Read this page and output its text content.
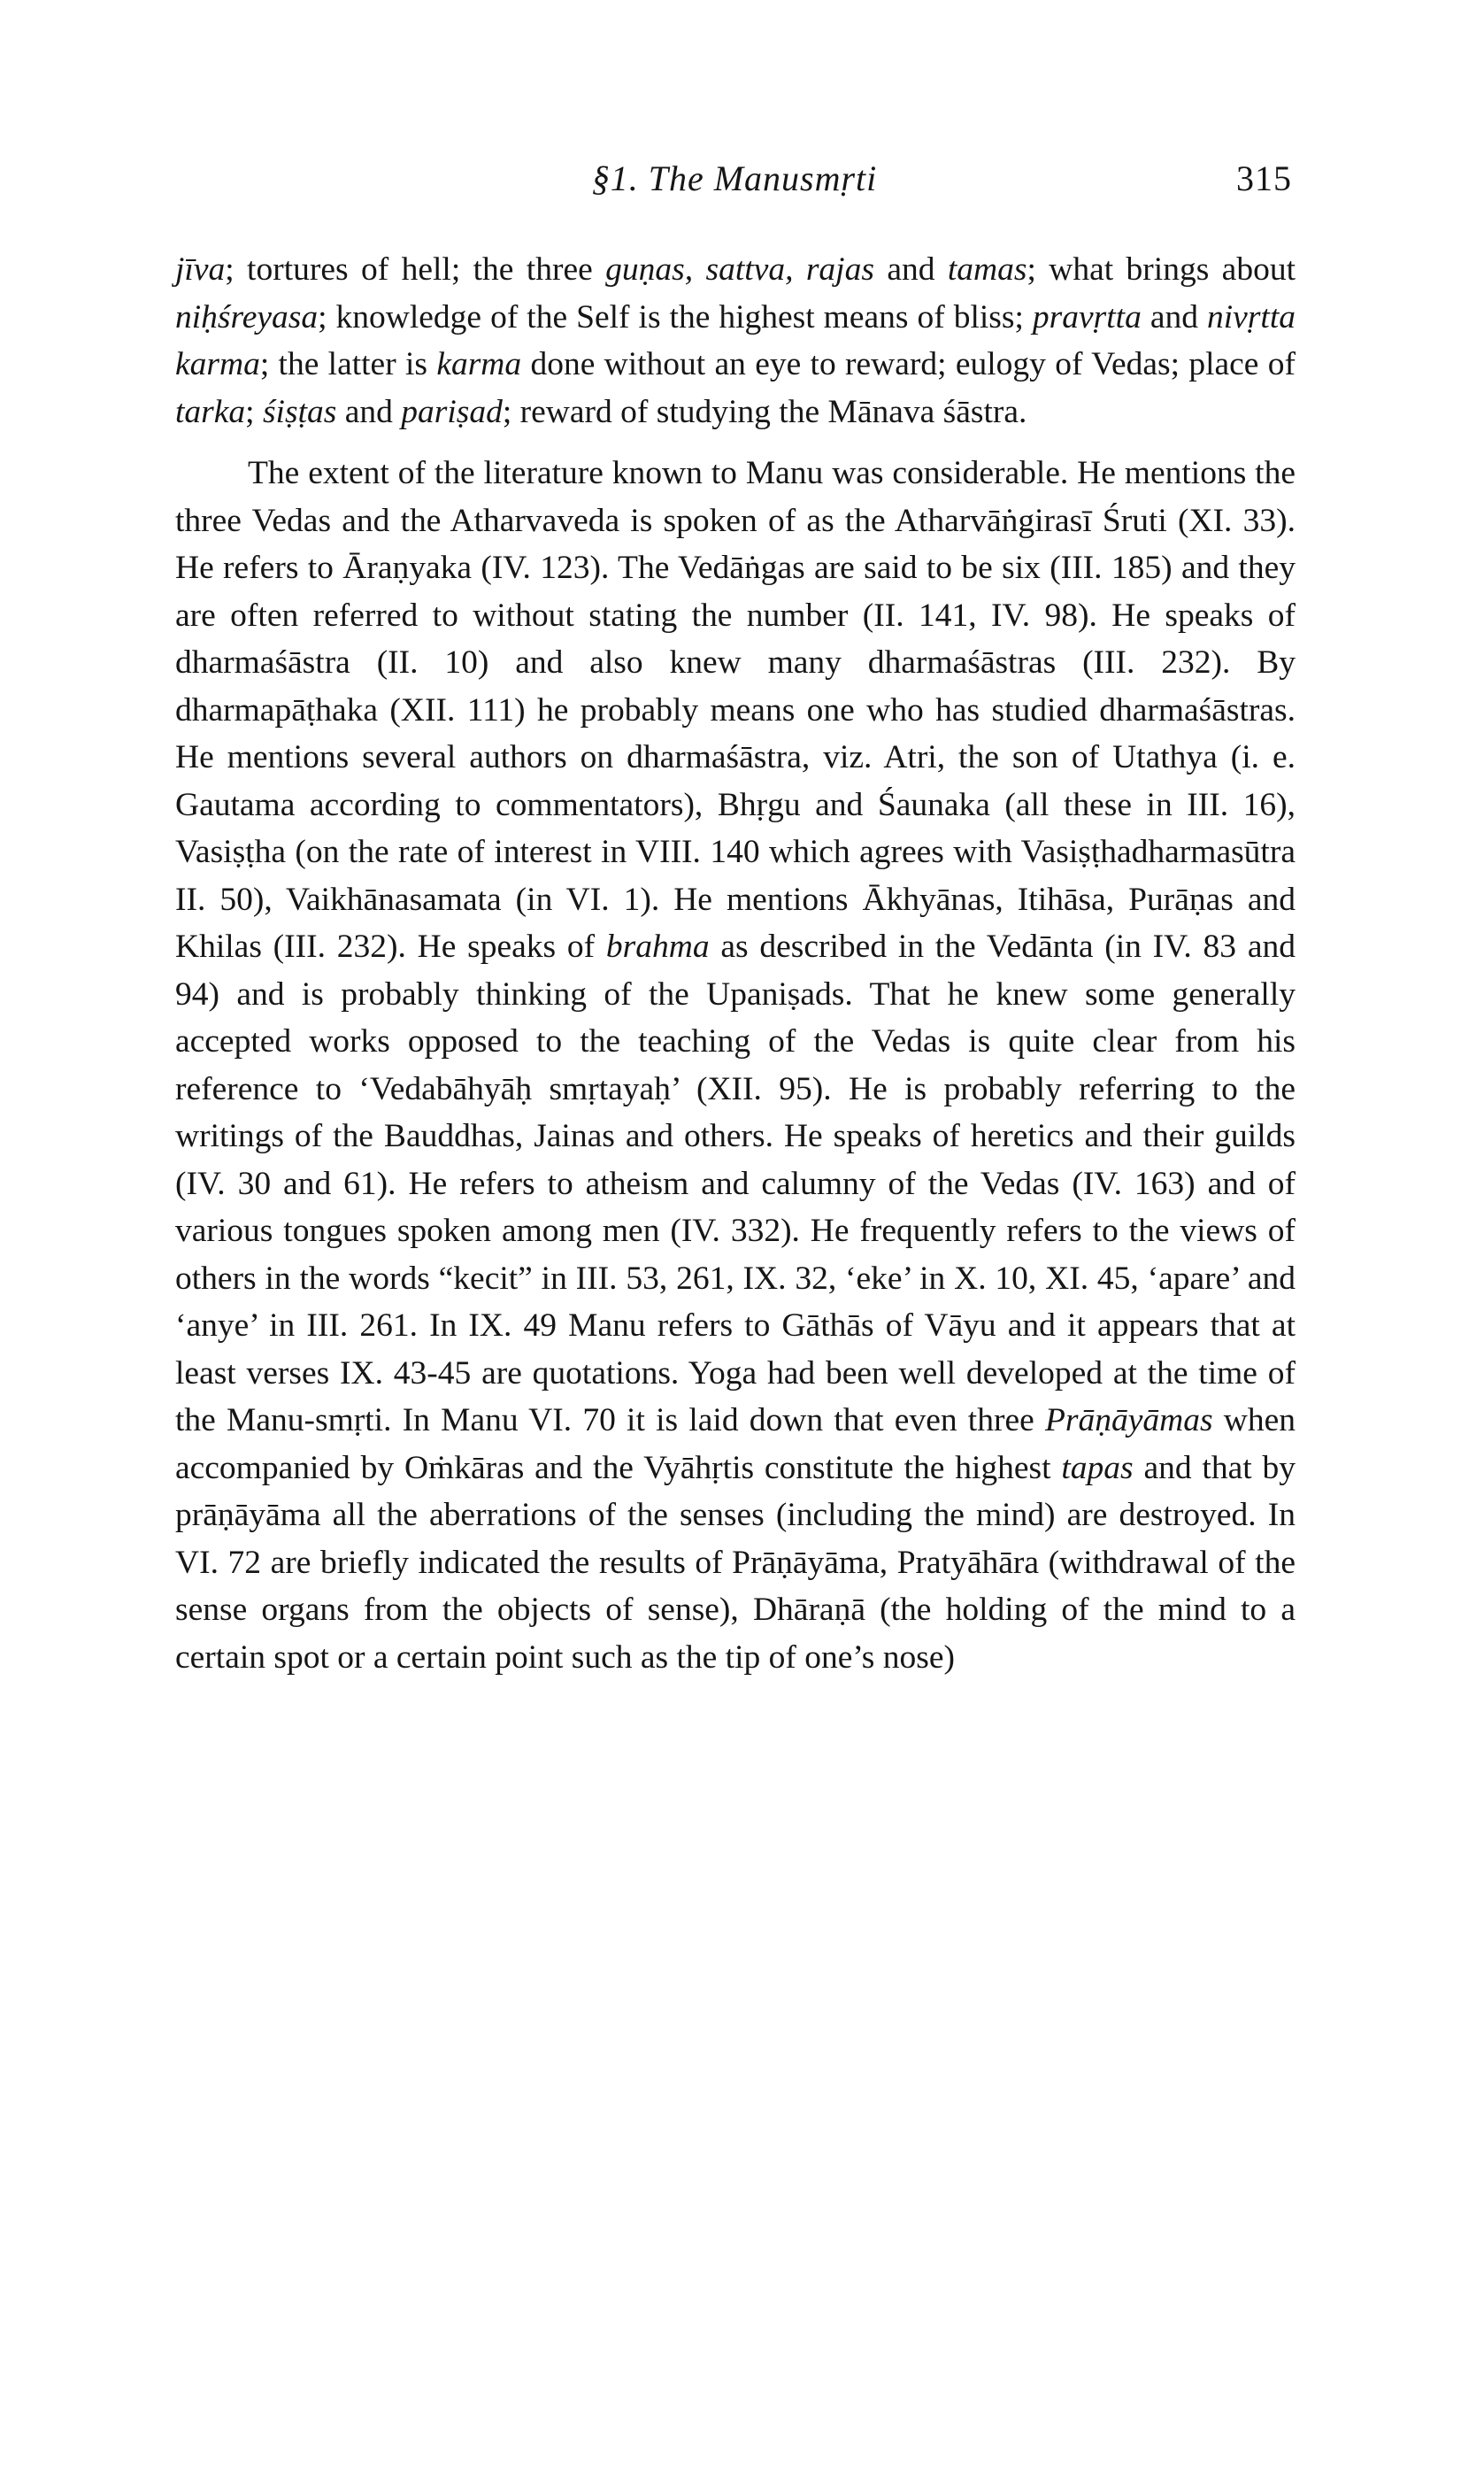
§1. The Manusmṛti	315

jīva; tortures of hell; the three guṇas, sattva, rajas and tamas; what brings about niḥśreyasa; knowledge of the Self is the highest means of bliss; pravṛtta and nivṛtta karma; the latter is karma done without an eye to reward; eulogy of Vedas; place of tarka; śiṣṭas and pariṣad; reward of studying the Mānava śāstra.

The extent of the literature known to Manu was considerable. He mentions the three Vedas and the Atharvaveda is spoken of as the Atharvāṅgirasī Śruti (XI. 33). He refers to Āraṇyaka (IV. 123). The Vedāṅgas are said to be six (III. 185) and they are often referred to without stating the number (II. 141, IV. 98). He speaks of dharmaśāstra (II. 10) and also knew many dharmaśāstras (III. 232). By dharmapāṭhaka (XII. 111) he probably means one who has studied dharmaśāstras. He mentions several authors on dharmaśāstra, viz. Atri, the son of Utathya (i. e. Gautama according to commentators), Bhṛgu and Śaunaka (all these in III. 16), Vasiṣṭha (on the rate of interest in VIII. 140 which agrees with Vasiṣṭhadharmasūtra II. 50), Vaikhānasamata (in VI. 1). He mentions Ākhyānas, Itihāsa, Purāṇas and Khilas (III. 232). He speaks of brahma as described in the Vedānta (in IV. 83 and 94) and is probably thinking of the Upaniṣads. That he knew some generally accepted works opposed to the teaching of the Vedas is quite clear from his reference to ‘Vedabāhyāḥ smṛtayaḥ’ (XII. 95). He is probably referring to the writings of the Bauddhas, Jainas and others. He speaks of heretics and their guilds (IV. 30 and 61). He refers to atheism and calumny of the Vedas (IV. 163) and of various tongues spoken among men (IV. 332). He frequently refers to the views of others in the words “kecit” in III. 53, 261, IX. 32, ‘eke’ in X. 10, XI. 45, ‘apare’ and ‘anye’ in III. 261. In IX. 49 Manu refers to Gāthās of Vāyu and it appears that at least verses IX. 43-45 are quotations. Yoga had been well developed at the time of the Manu-smṛti. In Manu VI. 70 it is laid down that even three Prāṇāyāmas when accompanied by Oṁkāras and the Vyāhṛtis constitute the highest tapas and that by prāṇāyāma all the aberrations of the senses (including the mind) are destroyed. In VI. 72 are briefly indicated the results of Prāṇāyāma, Pratyāhāra (withdrawal of the sense organs from the objects of sense), Dhāraṇā (the holding of the mind to a certain spot or a certain point such as the tip of one’s nose)
